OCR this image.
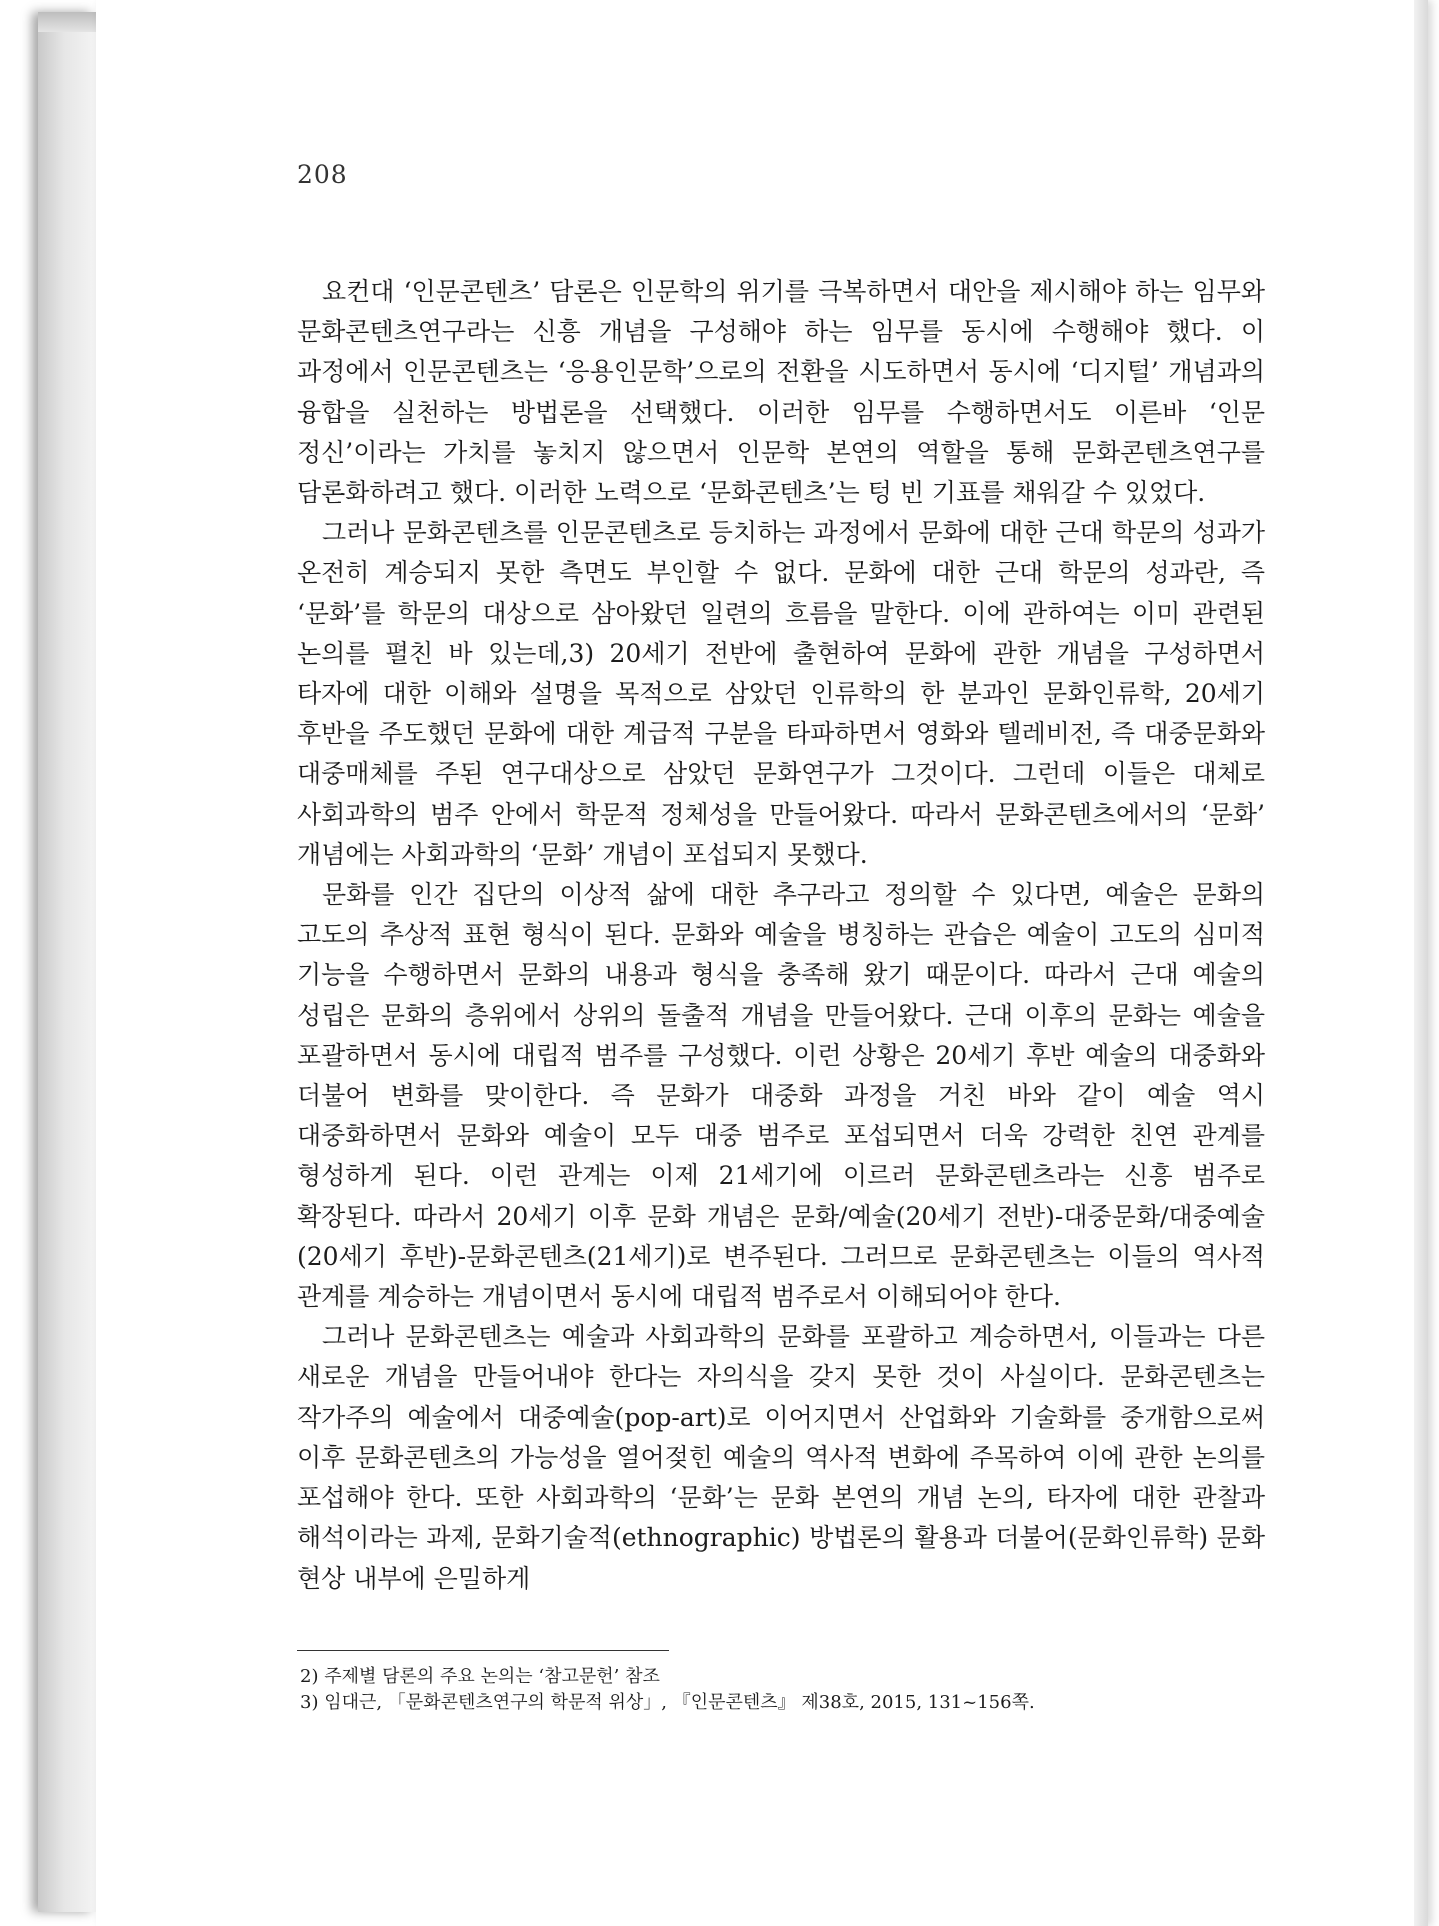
208

요컨대 ‘인문콘텐츠’ 담론은 인문학의 위기를 극복하면서 대안을 제시해야 하는 임무와 문화콘텐츠연구라는 신흥 개념을 구성해야 하는 임무를 동시에 수행해야 했다. 이 과정에서 인문콘텐츠는 ‘응용인문학’으로의 전환을 시도하면서 동시에 ‘디지털’ 개념과의 융합을 실천하는 방법론을 선택했다. 이러한 임무를 수행하면서도 이른바 ‘인문 정신’이라는 가치를 놓치지 않으면서 인문학 본연의 역할을 통해 문화콘텐츠연구를 담론화하려고 했다. 이러한 노력으로 ‘문화콘텐츠’는 텅 빈 기표를 채워갈 수 있었다.

그러나 문화콘텐츠를 인문콘텐츠로 등치하는 과정에서 문화에 대한 근대 학문의 성과가 온전히 계승되지 못한 측면도 부인할 수 없다. 문화에 대한 근대 학문의 성과란, 즉 ‘문화’를 학문의 대상으로 삼아왔던 일련의 흐름을 말한다. 이에 관하여는 이미 관련된 논의를 펼친 바 있는데,3) 20세기 전반에 출현하여 문화에 관한 개념을 구성하면서 타자에 대한 이해와 설명을 목적으로 삼았던 인류학의 한 분과인 문화인류학, 20세기 후반을 주도했던 문화에 대한 계급적 구분을 타파하면서 영화와 텔레비전, 즉 대중문화와 대중매체를 주된 연구대상으로 삼았던 문화연구가 그것이다. 그런데 이들은 대체로 사회과학의 범주 안에서 학문적 정체성을 만들어왔다. 따라서 문화콘텐츠에서의 ‘문화’ 개념에는 사회과학의 ‘문화’ 개념이 포섭되지 못했다.

문화를 인간 집단의 이상적 삶에 대한 추구라고 정의할 수 있다면, 예술은 문화의 고도의 추상적 표현 형식이 된다. 문화와 예술을 병칭하는 관습은 예술이 고도의 심미적 기능을 수행하면서 문화의 내용과 형식을 충족해 왔기 때문이다. 따라서 근대 예술의 성립은 문화의 층위에서 상위의 돌출적 개념을 만들어왔다. 근대 이후의 문화는 예술을 포괄하면서 동시에 대립적 범주를 구성했다. 이런 상황은 20세기 후반 예술의 대중화와 더불어 변화를 맞이한다. 즉 문화가 대중화 과정을 거친 바와 같이 예술 역시 대중화하면서 문화와 예술이 모두 대중 범주로 포섭되면서 더욱 강력한 친연 관계를 형성하게 된다. 이런 관계는 이제 21세기에 이르러 문화콘텐츠라는 신흥 범주로 확장된다. 따라서 20세기 이후 문화 개념은 문화/예술(20세기 전반)-대중문화/대중예술(20세기 후반)-문화콘텐츠(21세기)로 변주된다. 그러므로 문화콘텐츠는 이들의 역사적 관계를 계승하는 개념이면서 동시에 대립적 범주로서 이해되어야 한다.

그러나 문화콘텐츠는 예술과 사회과학의 문화를 포괄하고 계승하면서, 이들과는 다른 새로운 개념을 만들어내야 한다는 자의식을 갖지 못한 것이 사실이다. 문화콘텐츠는 작가주의 예술에서 대중예술(pop-art)로 이어지면서 산업화와 기술화를 중개함으로써 이후 문화콘텐츠의 가능성을 열어젖힌 예술의 역사적 변화에 주목하여 이에 관한 논의를 포섭해야 한다. 또한 사회과학의 ‘문화’는 문화 본연의 개념 논의, 타자에 대한 관찰과 해석이라는 과제, 문화기술적(ethnographic) 방법론의 활용과 더불어(문화인류학) 문화 현상 내부에 은밀하게

2) 주제별 담론의 주요 논의는 ‘참고문헌’ 참조
3) 임대근, 「문화콘텐츠연구의 학문적 위상」, 『인문콘텐츠』 제38호, 2015, 131~156쪽.
